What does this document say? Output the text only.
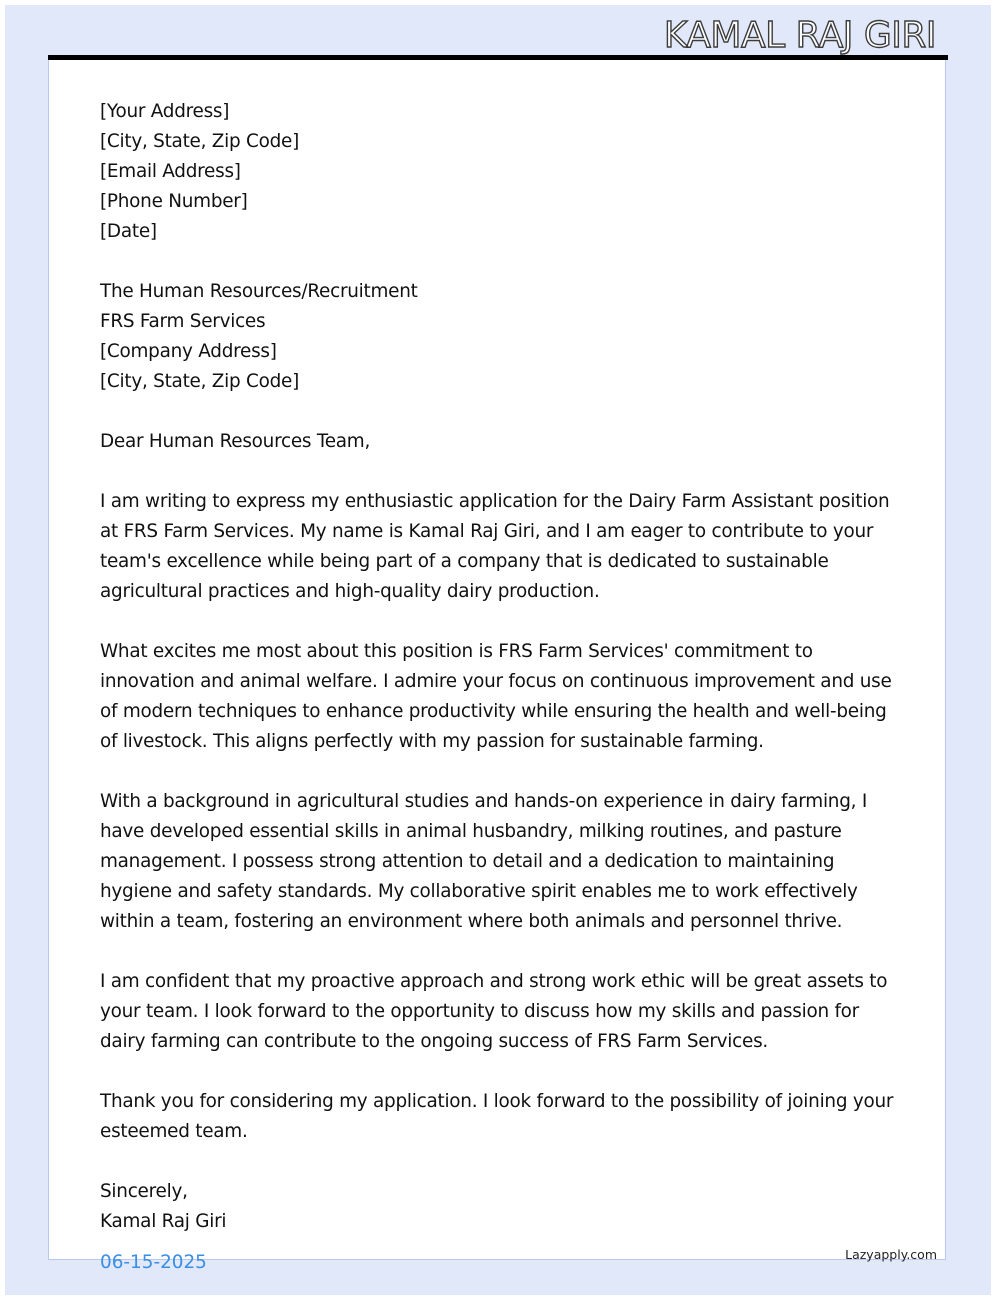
KAMAL RAJ GIRI
[Your Address]
[City, State, Zip Code]
[Email Address]
[Phone Number]
[Date]
The Human Resources/Recruitment
FRS Farm Services
[Company Address]
[City, State, Zip Code]
Dear Human Resources Team,

I am writing to express my enthusiastic application for the Dairy Farm Assistant position at FRS Farm Services. My name is Kamal Raj Giri, and I am eager to contribute to your team's excellence while being part of a company that is dedicated to sustainable agricultural practices and high-quality dairy production.

What excites me most about this position is FRS Farm Services' commitment to innovation and animal welfare. I admire your focus on continuous improvement and use of modern techniques to enhance productivity while ensuring the health and well-being of livestock. This aligns perfectly with my passion for sustainable farming.

With a background in agricultural studies and hands-on experience in dairy farming, I have developed essential skills in animal husbandry, milking routines, and pasture management. I possess strong attention to detail and a dedication to maintaining hygiene and safety standards. My collaborative spirit enables me to work effectively within a team, fostering an environment where both animals and personnel thrive.

I am confident that my proactive approach and strong work ethic will be great assets to your team. I look forward to the opportunity to discuss how my skills and passion for dairy farming can contribute to the ongoing success of FRS Farm Services.

Thank you for considering my application. I look forward to the possibility of joining your esteemed team.

Sincerely,
Kamal Raj Giri
06-15-2025	Lazyapply.com
